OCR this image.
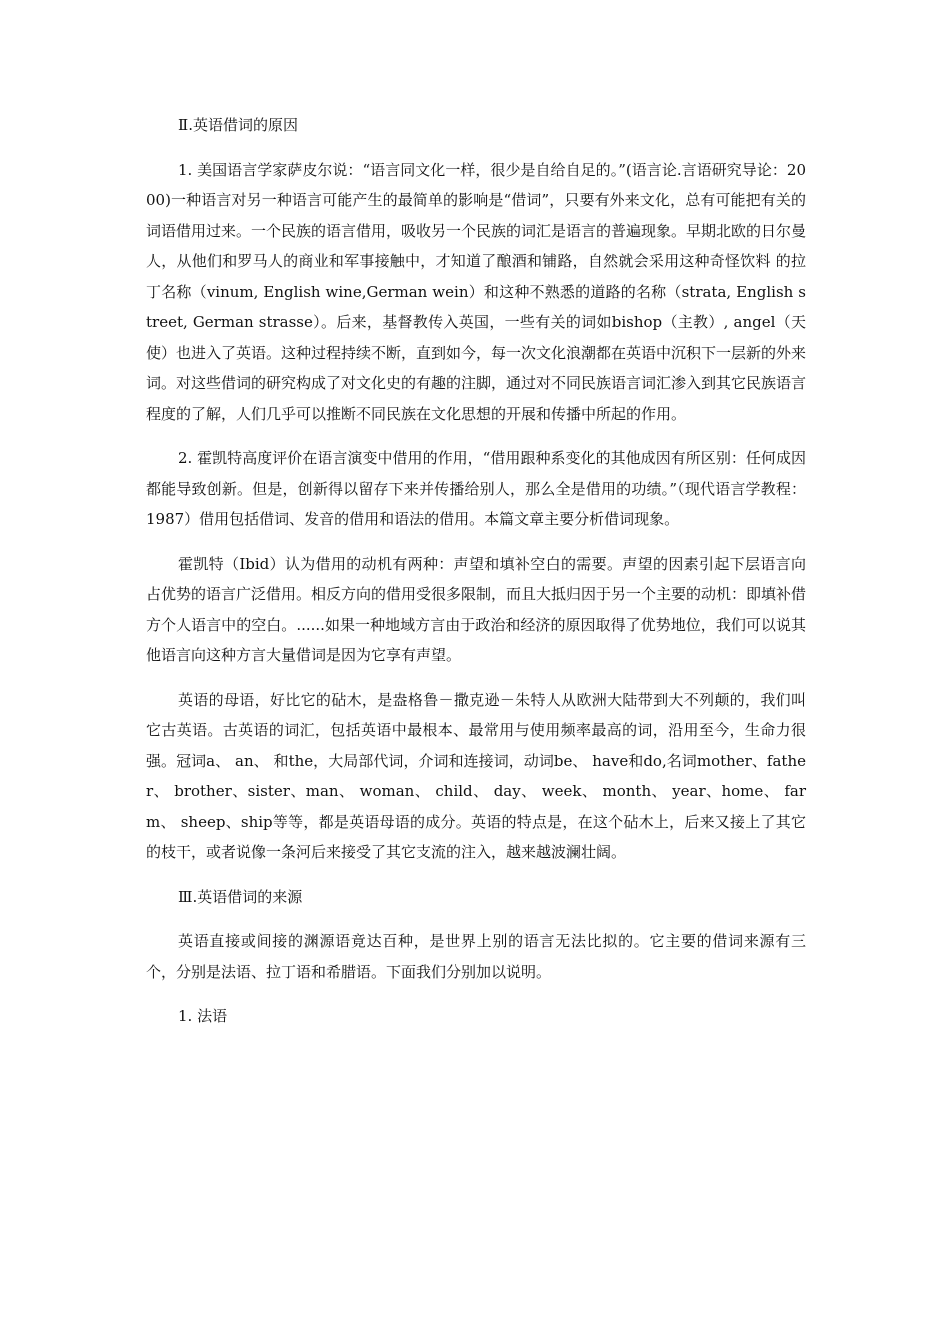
Ⅱ.英语借词的原因

1. 美国语言学家萨皮尔说：“语言同文化一样，很少是自给自足的。”(语言论.言语研究导论：2000)一种语言对另一种语言可能产生的最简单的影响是“借词”，只要有外来文化，总有可能把有关的词语借用过来。一个民族的语言借用，吸收另一个民族的词汇是语言的普遍现象。早期北欧的日尔曼人，从他们和罗马人的商业和军事接触中，才知道了酿酒和铺路，自然就会采用这种奇怪饮料 的拉丁名称（vinum, English wine,German wein）和这种不熟悉的道路的名称（strata, English street, German strasse）。后来，基督教传入英国，一些有关的词如bishop（主教）, angel（天使）也进入了英语。这种过程持续不断，直到如今，每一次文化浪潮都在英语中沉积下一层新的外来词。对这些借词的研究构成了对文化史的有趣的注脚，通过对不同民族语言词汇渗入到其它民族语言程度的了解，人们几乎可以推断不同民族在文化思想的开展和传播中所起的作用。

2. 霍凯特高度评价在语言演变中借用的作用，“借用跟种系变化的其他成因有所区别：任何成因都能导致创新。但是，创新得以留存下来并传播给别人，那么全是借用的功绩。”（现代语言学教程：1987）借用包括借词、发音的借用和语法的借用。本篇文章主要分析借词现象。

霍凯特（Ibid）认为借用的动机有两种：声望和填补空白的需要。声望的因素引起下层语言向占优势的语言广泛借用。相反方向的借用受很多限制，而且大抵归因于另一个主要的动机：即填补借方个人语言中的空白。......如果一种地域方言由于政治和经济的原因取得了优势地位，我们可以说其他语言向这种方言大量借词是因为它享有声望。

英语的母语，好比它的砧木，是盎格鲁－撒克逊－朱特人从欧洲大陆带到大不列颠的，我们叫它古英语。古英语的词汇，包括英语中最根本、最常用与使用频率最高的词，沿用至今，生命力很强。冠词a、 an、 和the，大局部代词，介词和连接词，动词be、 have和do,名词mother、father、 brother、sister、man、 woman、 child、 day、 week、 month、 year、home、 farm、 sheep、ship等等，都是英语母语的成分。英语的特点是，在这个砧木上，后来又接上了其它的枝干，或者说像一条河后来接受了其它支流的注入，越来越波澜壮阔。

Ⅲ.英语借词的来源

英语直接或间接的渊源语竟达百种，是世界上别的语言无法比拟的。它主要的借词来源有三个，分别是法语、拉丁语和希腊语。下面我们分别加以说明。

1. 法语
